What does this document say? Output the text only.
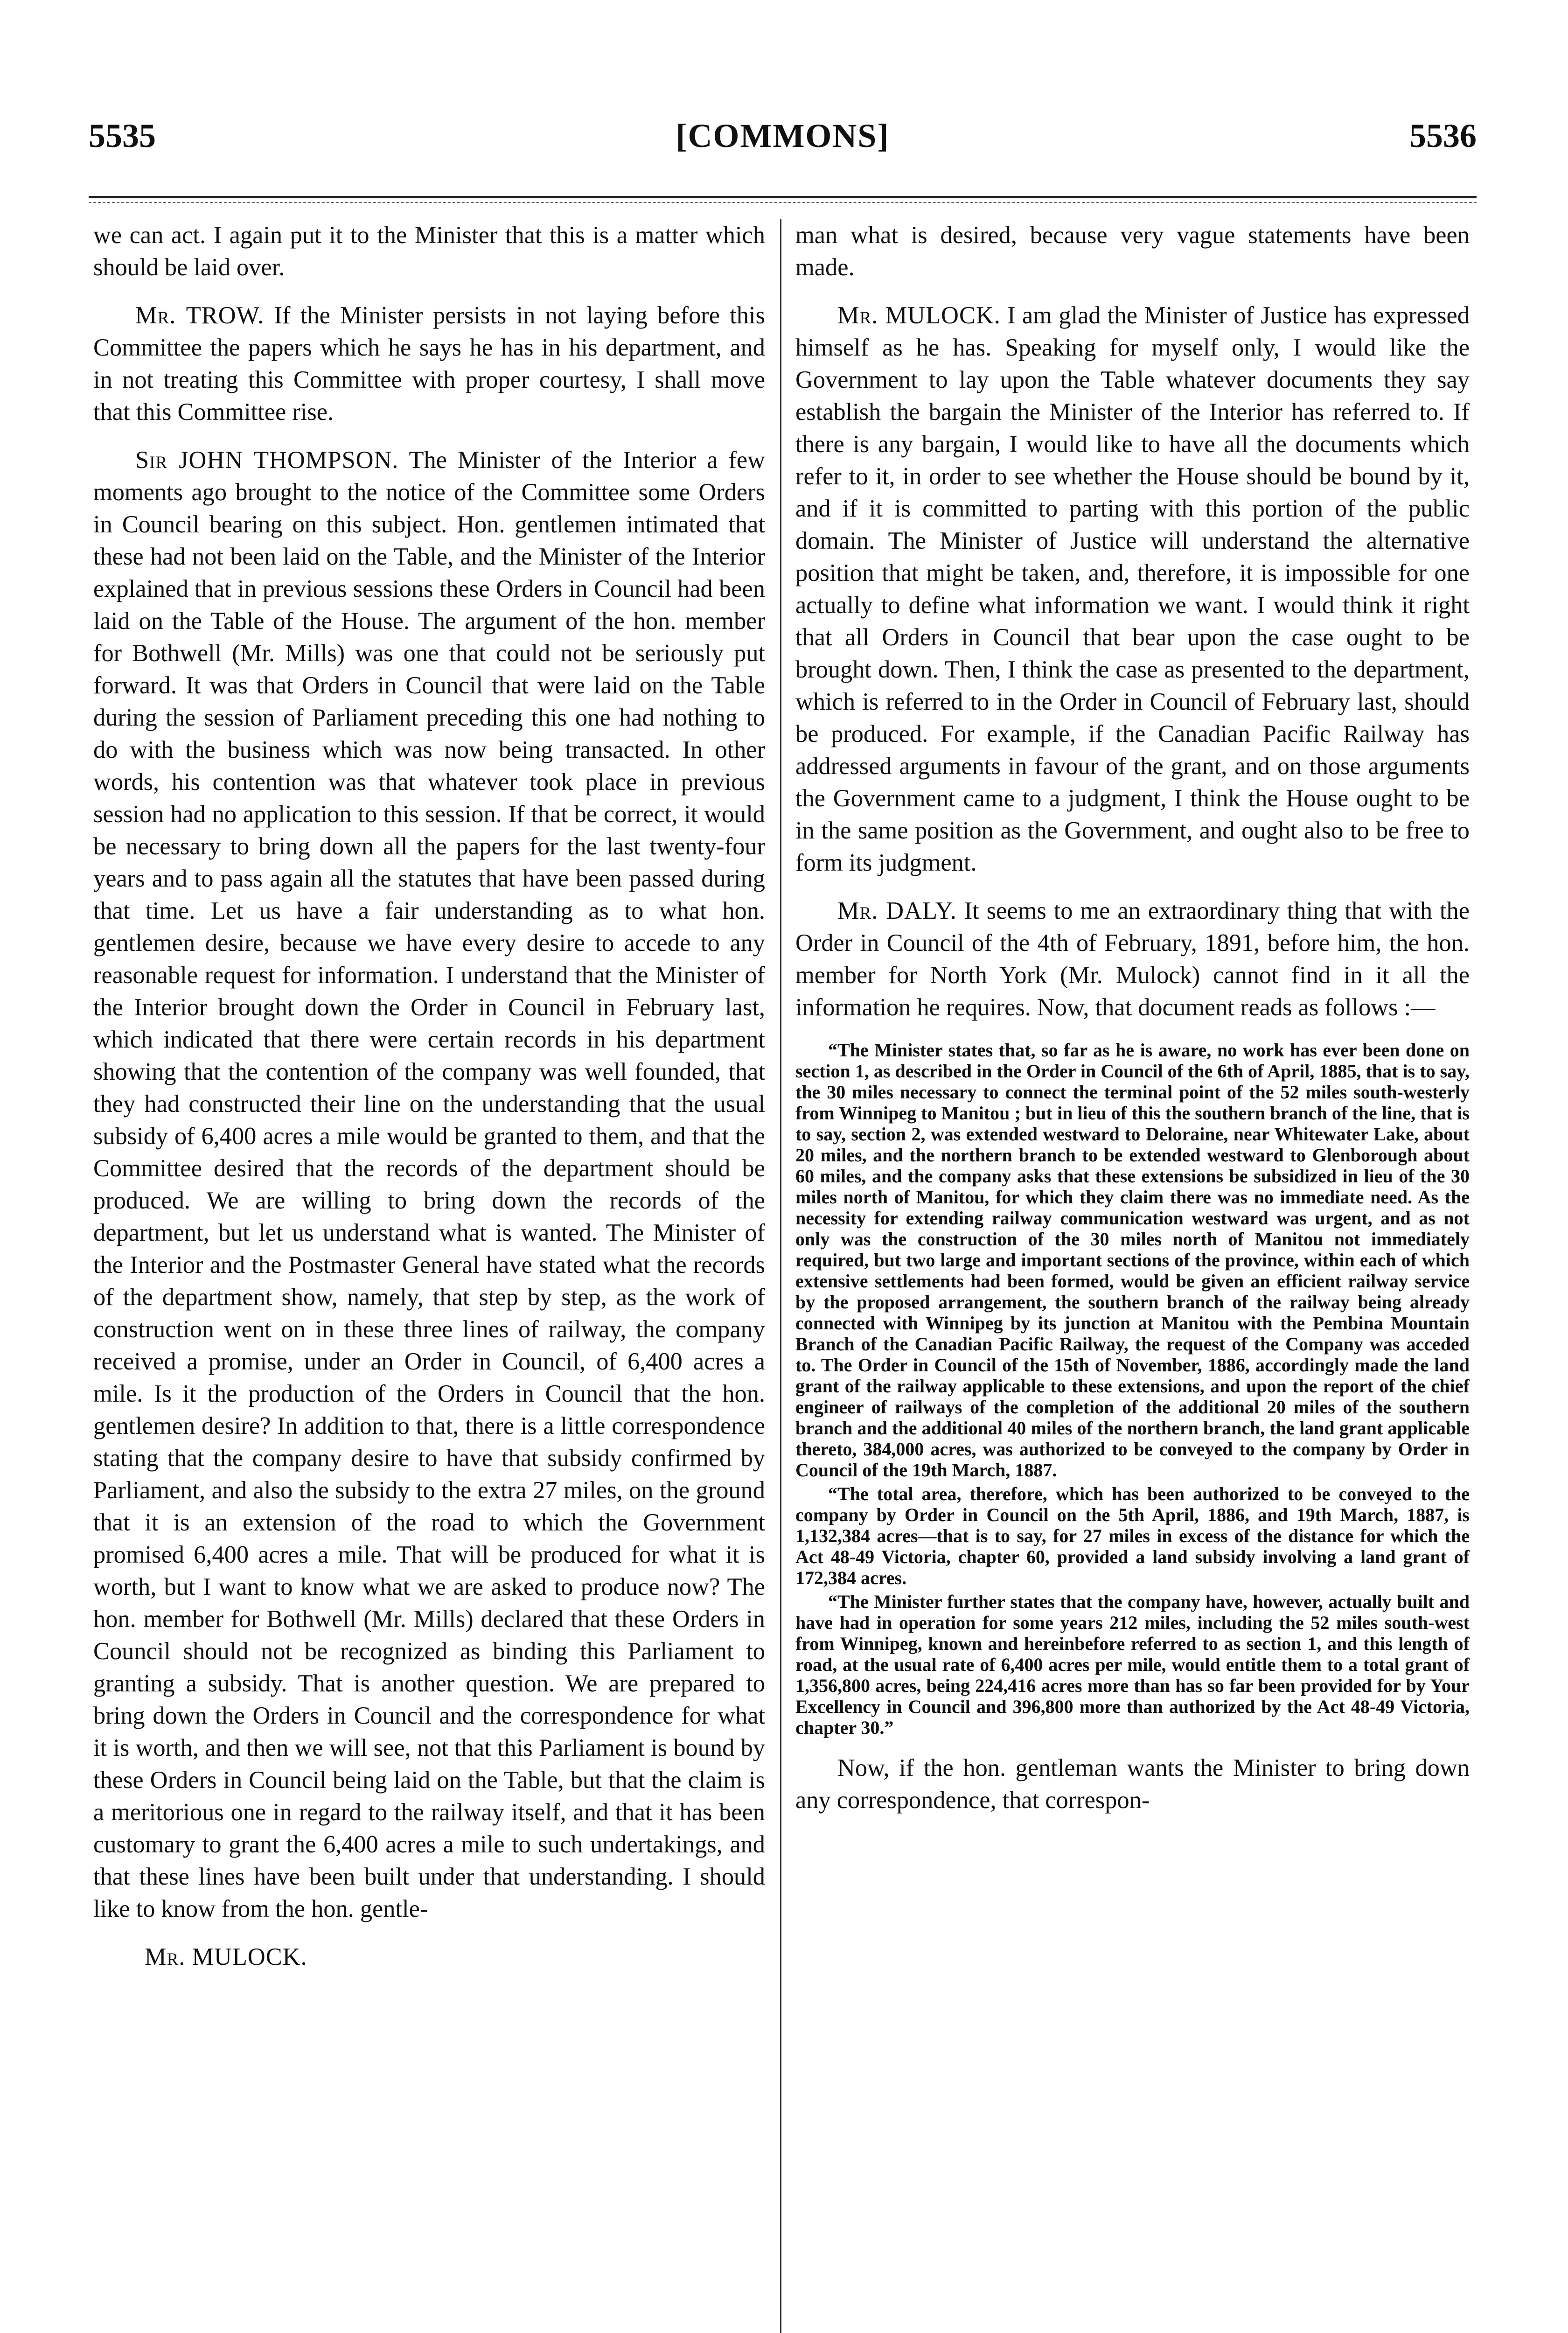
5535	[COMMONS]	5536

we can act. I again put it to the Minister that this is a matter which should be laid over.

Mr. TROW. If the Minister persists in not laying before this Committee the papers which he says he has in his department, and in not treating this Committee with proper courtesy, I shall move that this Committee rise.

Sir JOHN THOMPSON. The Minister of the Interior a few moments ago brought to the notice of the Committee some Orders in Council bearing on this subject. Hon. gentlemen intimated that these had not been laid on the Table, and the Minister of the Interior explained that in previous sessions these Orders in Council had been laid on the Table of the House. The argument of the hon. member for Bothwell (Mr. Mills) was one that could not be seriously put forward. It was that Orders in Council that were laid on the Table during the session of Parliament preceding this one had nothing to do with the business which was now being transacted. In other words, his contention was that whatever took place in previous session had no application to this session. If that be correct, it would be necessary to bring down all the papers for the last twenty-four years and to pass again all the statutes that have been passed during that time. Let us have a fair understanding as to what hon. gentlemen desire, because we have every desire to accede to any reasonable request for information. I understand that the Minister of the Interior brought down the Order in Council in February last, which indicated that there were certain records in his department showing that the contention of the company was well founded, that they had constructed their line on the understanding that the usual subsidy of 6,400 acres a mile would be granted to them, and that the Committee desired that the records of the department should be produced. We are willing to bring down the records of the department, but let us understand what is wanted. The Minister of the Interior and the Postmaster General have stated what the records of the department show, namely, that step by step, as the work of construction went on in these three lines of railway, the company received a promise, under an Order in Council, of 6,400 acres a mile. Is it the production of the Orders in Council that the hon. gentlemen desire? In addition to that, there is a little correspondence stating that the company desire to have that subsidy confirmed by Parliament, and also the subsidy to the extra 27 miles, on the ground that it is an extension of the road to which the Government promised 6,400 acres a mile. That will be produced for what it is worth, but I want to know what we are asked to produce now? The hon. member for Bothwell (Mr. Mills) declared that these Orders in Council should not be recognized as binding this Parliament to granting a subsidy. That is another question. We are prepared to bring down the Orders in Council and the correspondence for what it is worth, and then we will see, not that this Parliament is bound by these Orders in Council being laid on the Table, but that the claim is a meritorious one in regard to the railway itself, and that it has been customary to grant the 6,400 acres a mile to such undertakings, and that these lines have been built under that understanding. I should like to know from the hon. gentle-

Mr. MULOCK.

man what is desired, because very vague statements have been made.

Mr. MULOCK. I am glad the Minister of Justice has expressed himself as he has. Speaking for myself only, I would like the Government to lay upon the Table whatever documents they say establish the bargain the Minister of the Interior has referred to. If there is any bargain, I would like to have all the documents which refer to it, in order to see whether the House should be bound by it, and if it is committed to parting with this portion of the public domain. The Minister of Justice will understand the alternative position that might be taken, and, therefore, it is impossible for one actually to define what information we want. I would think it right that all Orders in Council that bear upon the case ought to be brought down. Then, I think the case as presented to the department, which is referred to in the Order in Council of February last, should be produced. For example, if the Canadian Pacific Railway has addressed arguments in favour of the grant, and on those arguments the Government came to a judgment, I think the House ought to be in the same position as the Government, and ought also to be free to form its judgment.

Mr. DALY. It seems to me an extraordinary thing that with the Order in Council of the 4th of February, 1891, before him, the hon. member for North York (Mr. Mulock) cannot find in it all the information he requires. Now, that document reads as follows :—

“The Minister states that, so far as he is aware, no work has ever been done on section 1, as described in the Order in Council of the 6th of April, 1885, that is to say, the 30 miles necessary to connect the terminal point of the 52 miles south-westerly from Winnipeg to Manitou ; but in lieu of this the southern branch of the line, that is to say, section 2, was extended westward to Deloraine, near Whitewater Lake, about 20 miles, and the northern branch to be extended westward to Glenborough about 60 miles, and the company asks that these extensions be subsidized in lieu of the 30 miles north of Manitou, for which they claim there was no immediate need. As the necessity for extending railway communication westward was urgent, and as not only was the construction of the 30 miles north of Manitou not immediately required, but two large and important sections of the province, within each of which extensive settlements had been formed, would be given an efficient railway service by the proposed arrangement, the southern branch of the railway being already connected with Winnipeg by its junction at Manitou with the Pembina Mountain Branch of the Canadian Pacific Railway, the request of the Company was acceded to. The Order in Council of the 15th of November, 1886, accordingly made the land grant of the railway applicable to these extensions, and upon the report of the chief engineer of railways of the completion of the additional 20 miles of the southern branch and the additional 40 miles of the northern branch, the land grant applicable thereto, 384,000 acres, was authorized to be conveyed to the company by Order in Council of the 19th March, 1887.

“The total area, therefore, which has been authorized to be conveyed to the company by Order in Council on the 5th April, 1886, and 19th March, 1887, is 1,132,384 acres—that is to say, for 27 miles in excess of the distance for which the Act 48-49 Victoria, chapter 60, provided a land subsidy involving a land grant of 172,384 acres.

“The Minister further states that the company have, however, actually built and have had in operation for some years 212 miles, including the 52 miles south-west from Winnipeg, known and hereinbefore referred to as section 1, and this length of road, at the usual rate of 6,400 acres per mile, would entitle them to a total grant of 1,356,800 acres, being 224,416 acres more than has so far been provided for by Your Excellency in Council and 396,800 more than authorized by the Act 48-49 Victoria, chapter 30.”

Now, if the hon. gentleman wants the Minister to bring down any correspondence, that correspon-
